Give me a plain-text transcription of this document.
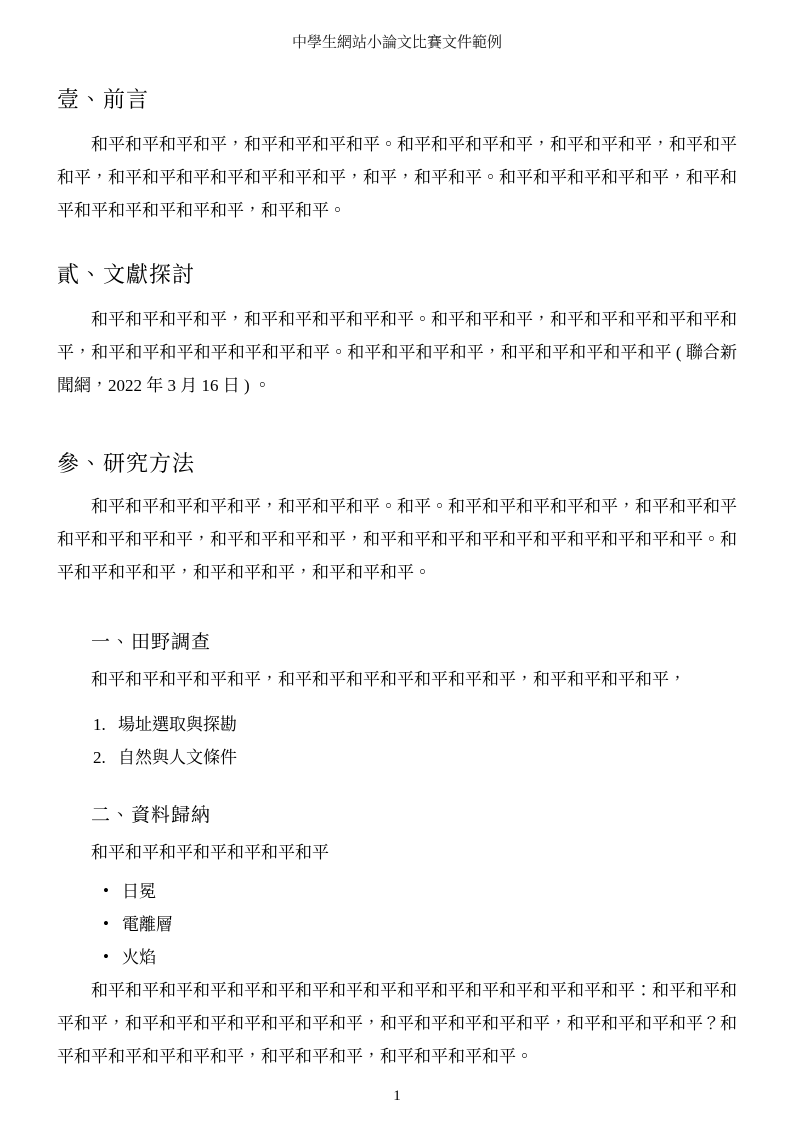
中學生網站小論文比賽文件範例
壹、前言
和平和平和平和平，和平和平和平和平。和平和平和平和平，和平和平和平，和平和平和平，和平和平和平和平和平和平和平，和平，和平和平。和平和平和平和平和平，和平和平和平和平和平和平和平，和平和平。
貳、文獻探討
和平和平和平和平，和平和平和平和平和平。和平和平和平，和平和平和平和平和平和平，和平和平和平和平和平和平和平。和平和平和平和平，和平和平和平和平和平 ( 聯合新聞網，2022 年 3 月 16 日 ) 。
參、研究方法
和平和平和平和平和平，和平和平和平。和平。和平和平和平和平和平，和平和平和平和平和平和平和平，和平和平和平和平，和平和平和平和平和平和平和平和平和平和平。和平和平和平和平，和平和平和平，和平和平和平。
一、田野調查
和平和平和平和平和平，和平和平和平和平和平和平和平，和平和平和平和平，
1. 場址選取與探勘
2. 自然與人文條件
二、資料歸納
和平和平和平和平和平和平和平
• 日冕
• 電離層
• 火焰
和平和平和平和平和平和平和平和平和平和平和平和平和平和平和平和平：和平和平和平和平，和平和平和平和平和平和平和平，和平和平和平和平和平，和平和平和平和平？和平和平和平和平和平和平，和平和平和平，和平和平和平和平。
1
